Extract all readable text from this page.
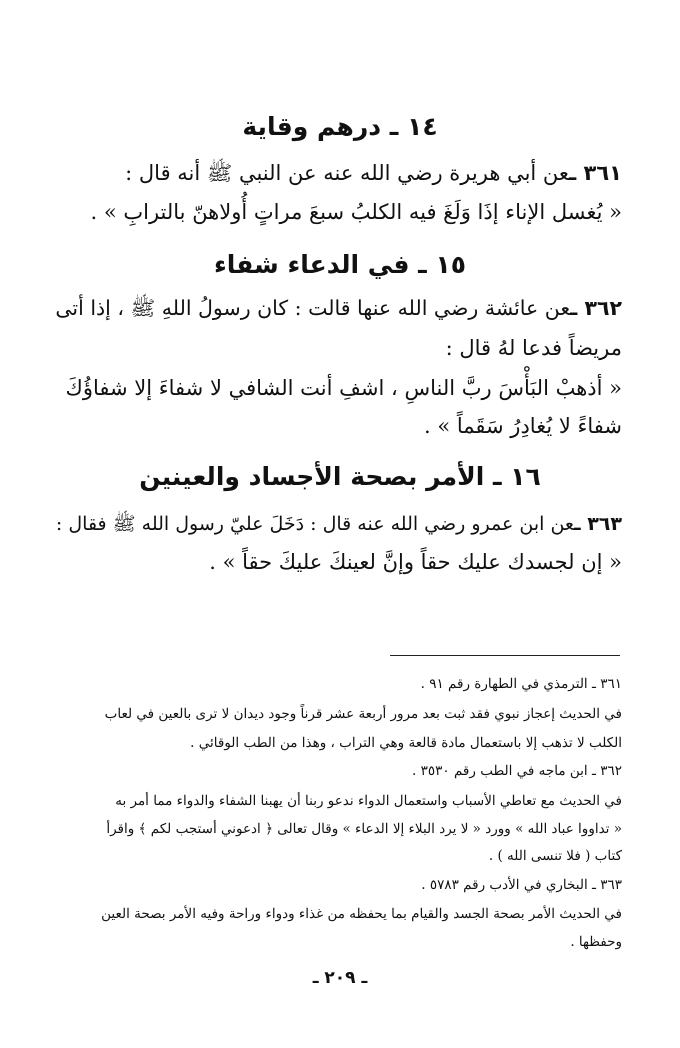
١٤ ـ درهم وقاية
٣٦١ ـعن أبي هريرة رضي الله عنه عن النبي ﷺ أنه قال :
« يُغسل الإناء إذَا وَلَغَ فيه الكلبُ سبعَ مراتٍ أُولاهنّ بالترابِ » .
١٥ ـ في الدعاء شفاء
٣٦٢ ـعن عائشة رضي الله عنها قالت : كان رسولُ اللهِ ﷺ ، إذا أتى
مريضاً فدعا لهُ قال :
« أذهبْ البَأْسَ ربَّ الناسِ ، اشفِ أنت الشافي لا شفاءَ إلا شفاؤُكَ
شفاءً لا يُغادِرُ سَقَماً » .
١٦ ـ الأمر بصحة الأجساد والعينين
٣٦٣ ـعن ابن عمرو رضي الله عنه قال : دَخَلَ عليّ رسول الله ﷺ فقال :
« إن لجسدك عليك حقاً وإنَّ لعينكَ عليكَ حقاً » .
٣٦١ ـ الترمذي في الطهارة رقم ٩١ .
في الحديث إعجاز نبوي فقد ثبت بعد مرور أربعة عشر قرناً وجود ديدان لا ترى بالعين في لعاب
الكلب لا تذهب إلا باستعمال مادة قالعة وهي التراب ، وهذا من الطب الوقائي .
٣٦٢ ـ ابن ماجه في الطب رقم ٣٥٣٠ .
في الحديث مع تعاطي الأسباب واستعمال الدواء ندعو ربنا أن يهبنا الشفاء والدواء مما أمر به
« تداووا عباد الله » وورد « لا يرد البلاء إلا الدعاء » وقال تعالى ﴿ ادعوني أستجب لكم ﴾ واقرأ
كتاب ( فلا تنسى الله ) .
٣٦٣ ـ البخاري في الأدب رقم ٥٧٨٣ .
في الحديث الأمر بصحة الجسد والقيام بما يحفظه من غذاء ودواء وراحة وفيه الأمر بصحة العين
وحفظها .
ـ ٢٠٩ ـ
